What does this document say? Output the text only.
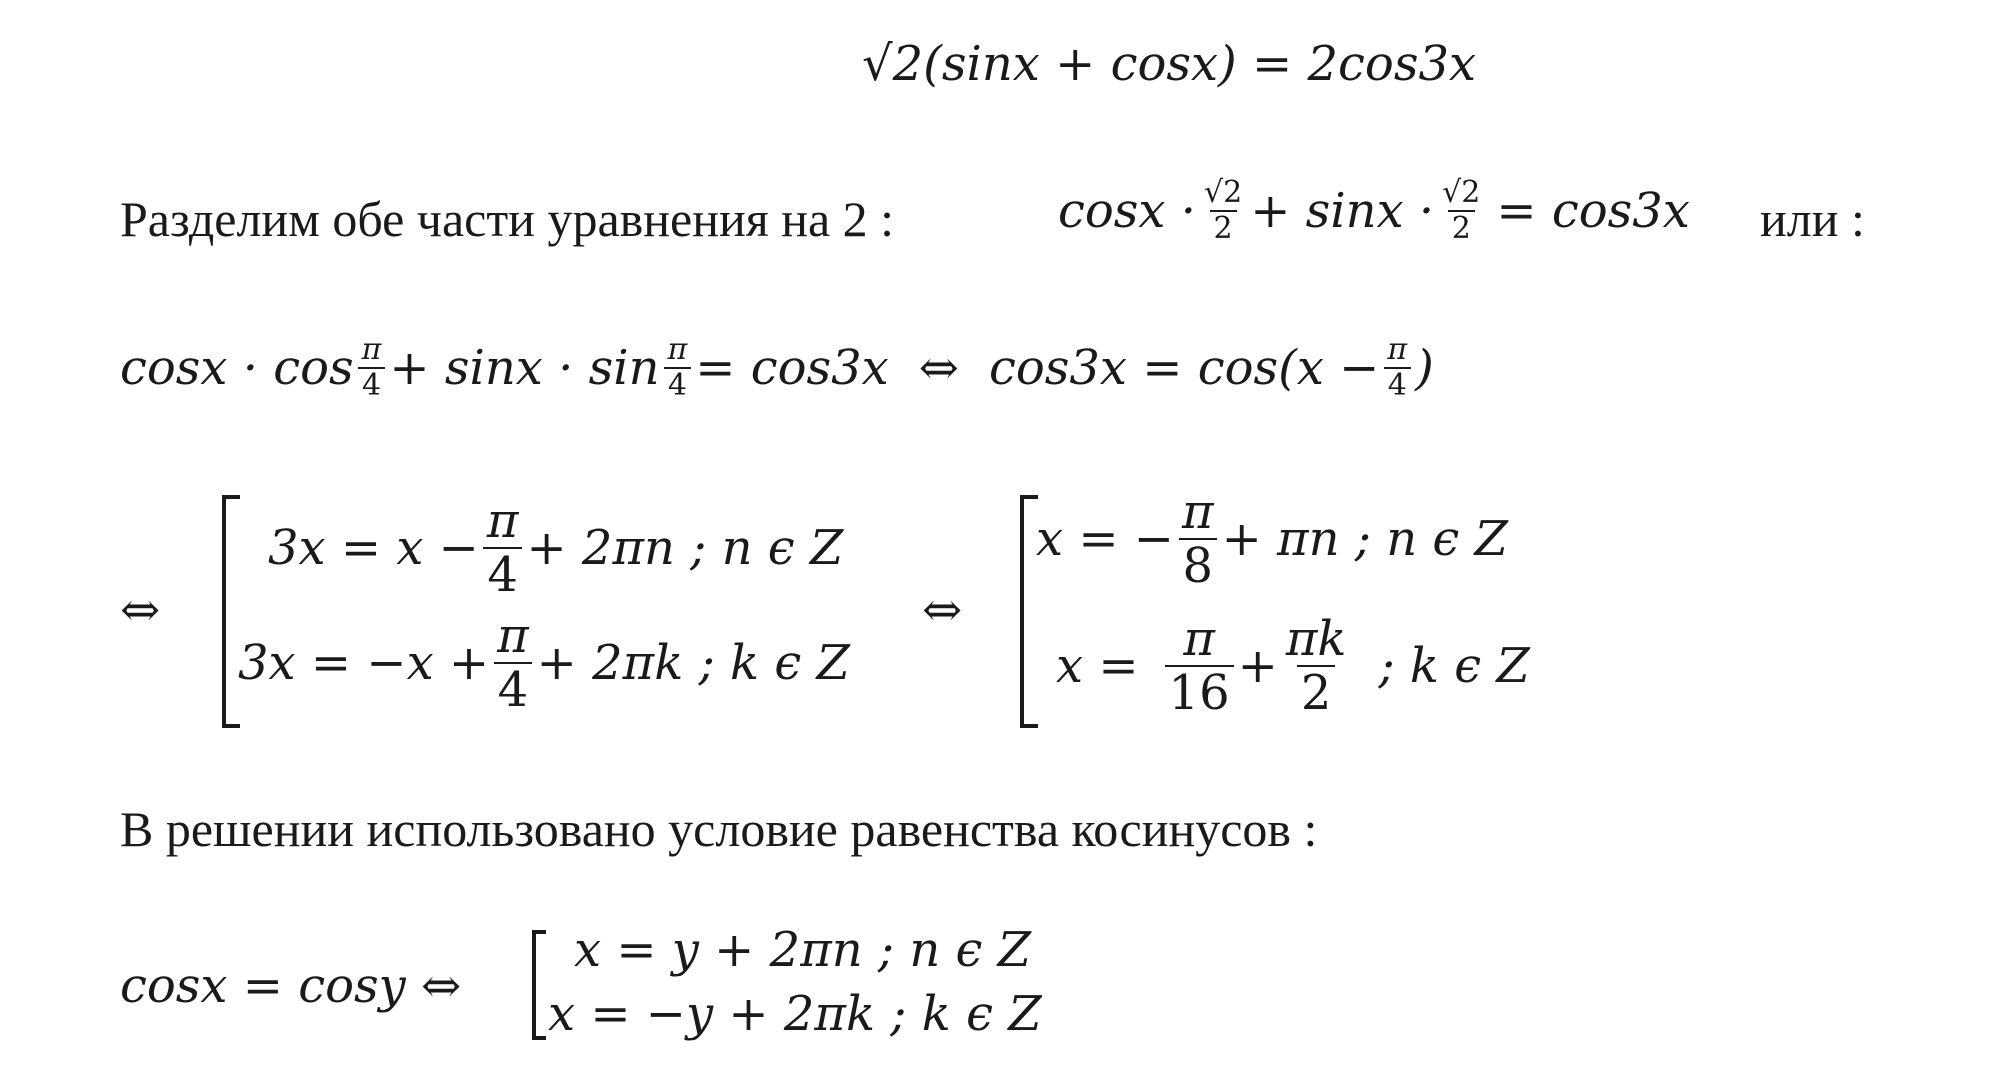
√2(sinx + cosx) = 2cos3x
Разделим обе части уравнения на 2 :	$\cos x \cdot \frac{√2}{2} + \sin x \cdot \frac{√2}{2} = \cos 3x$ или :
$\cos x \cdot \cos \frac{\pi}{4} + \sin x \cdot \sin \frac{\pi}{4} = \cos 3x$ ⇔ $\cos 3x = \cos(x - \frac{\pi}{4}$ )
⇔
$3x = x - \frac{\pi}{4} + 2\pi n$ ; n ϵ Z
$3x = -x + \frac{\pi}{4} + 2\pi k$ ; k ϵ Z
⇔
x = − $\frac{\pi}{8} + \pi n$ ; n ϵ Z
$x = \frac{\pi}{16} + \frac{\pi k}{2}$ ; k ϵ Z
В решении использовано условие равенства косинусов :
cosx = cosy ⇔
x = y + 2πn ; n ϵ Z
x = −y + 2πk ; k ϵ Z
